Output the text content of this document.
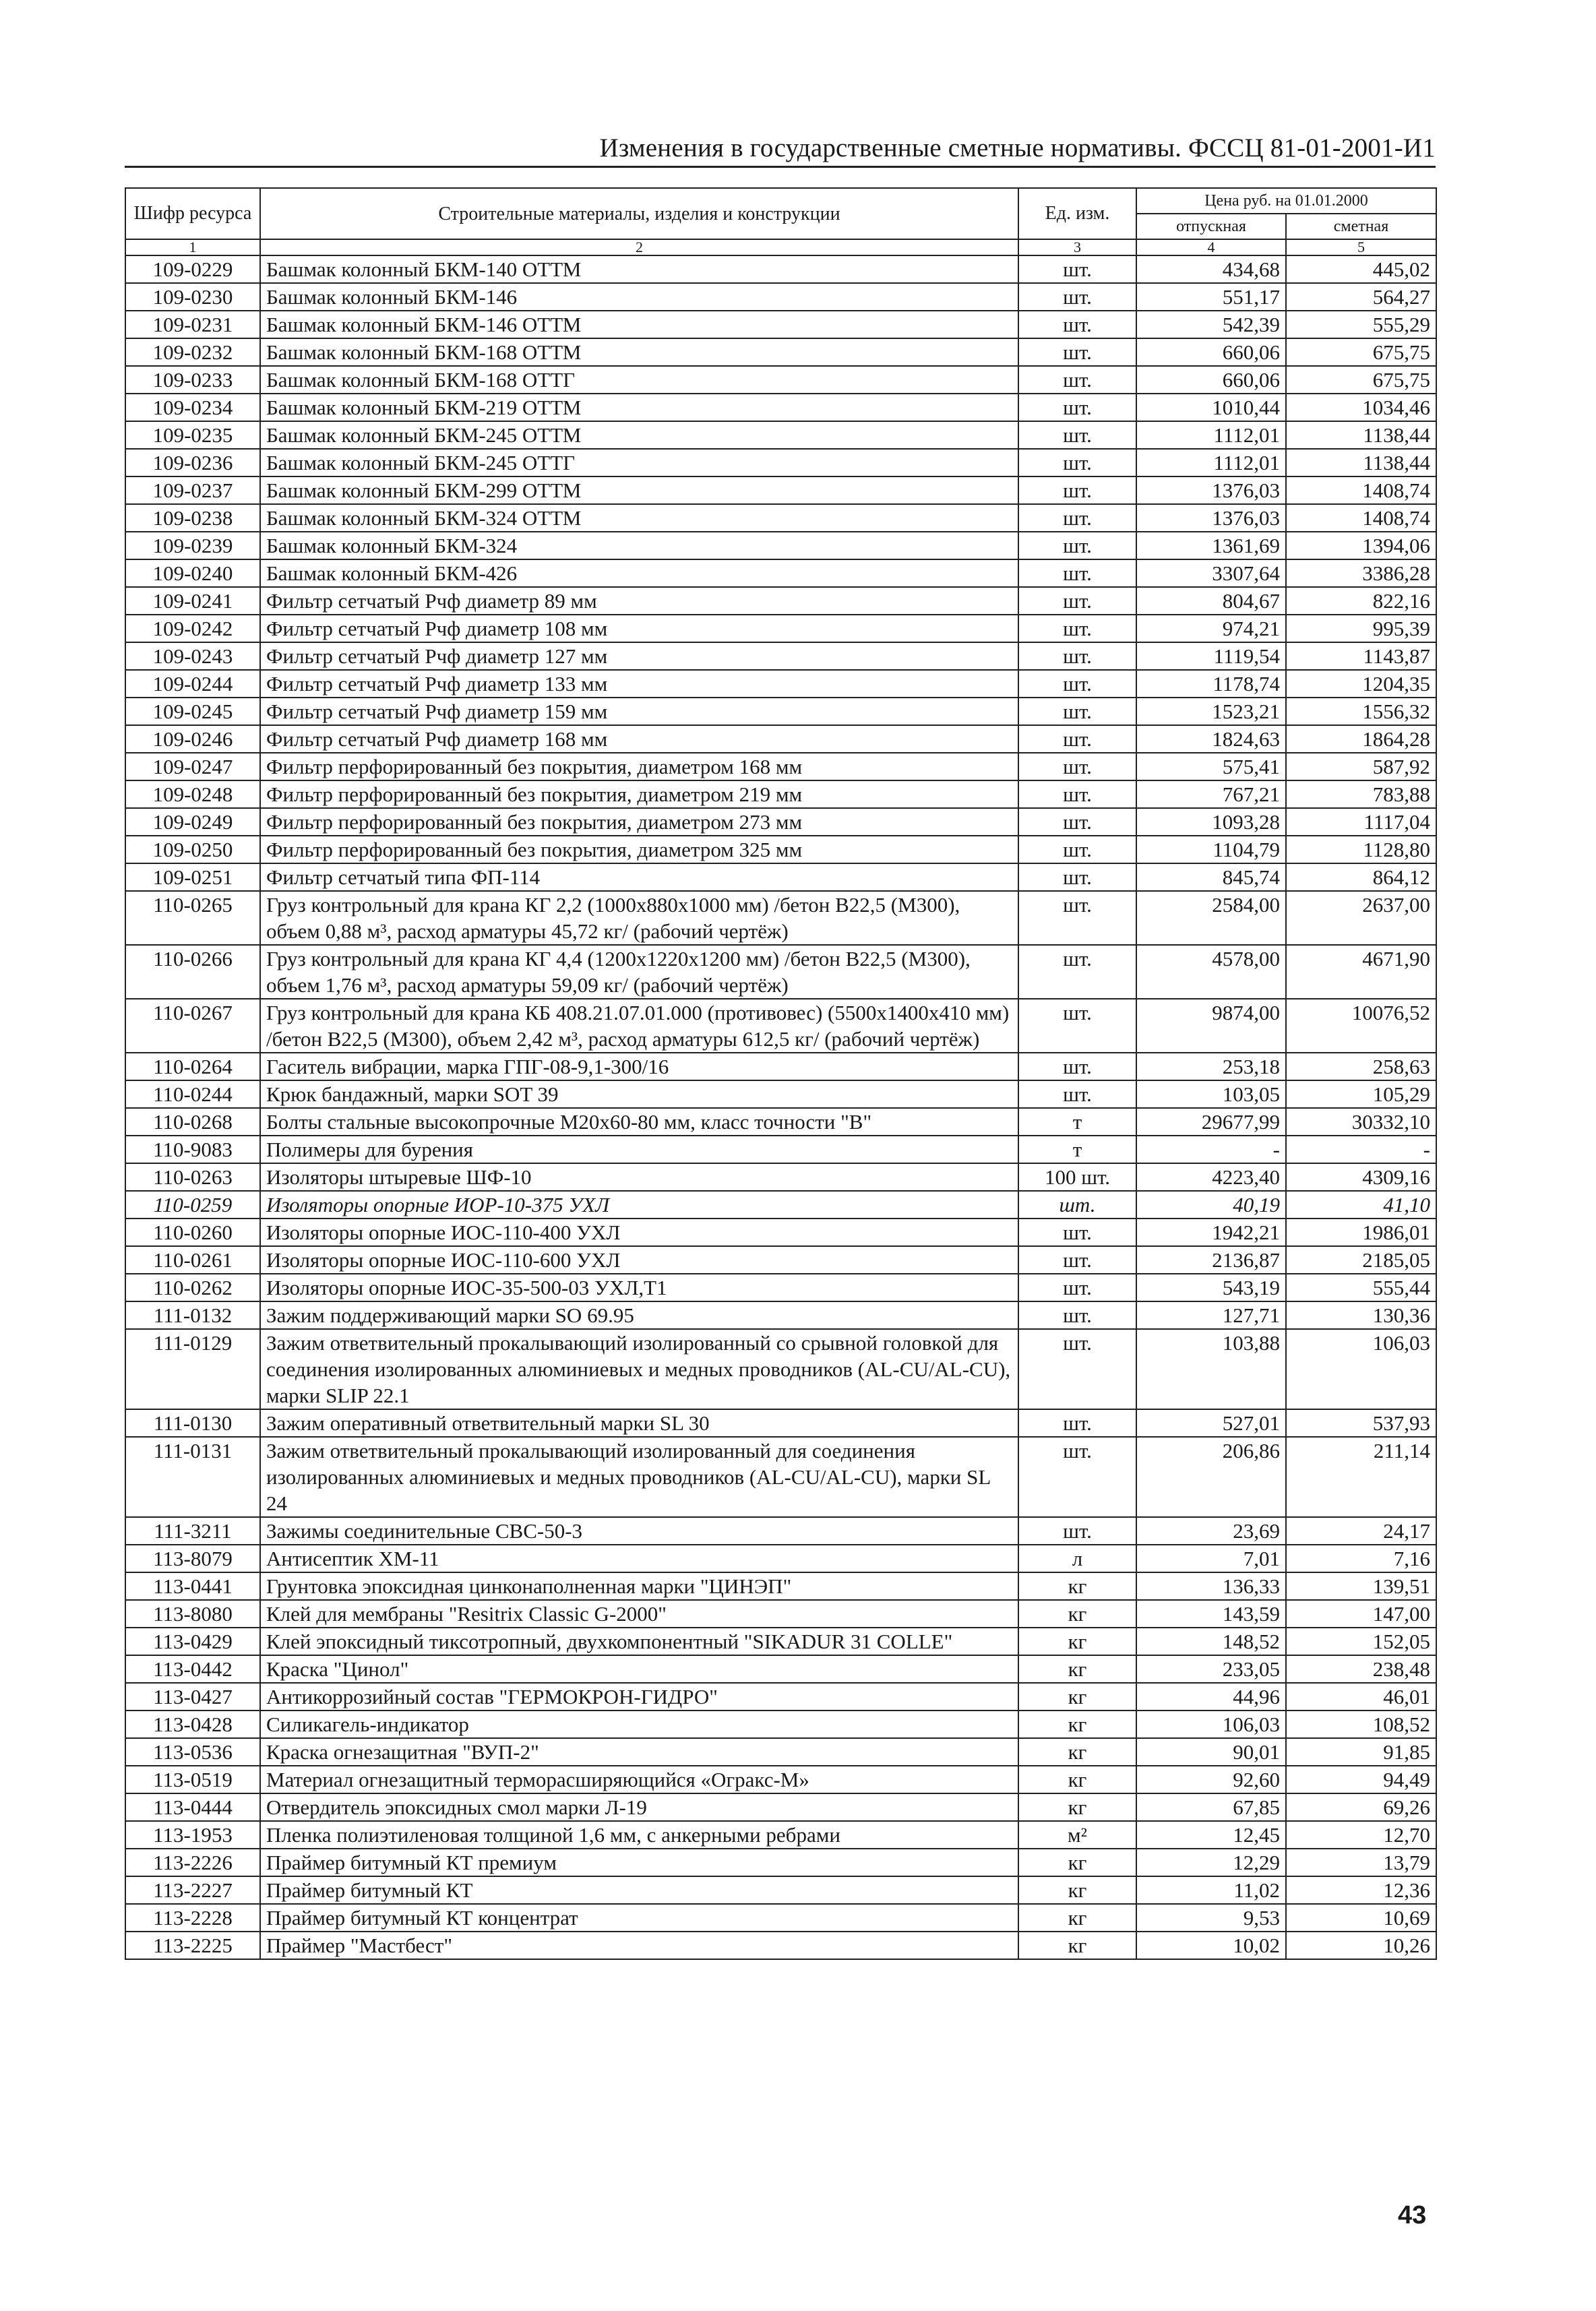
Изменения в государственные сметные нормативы. ФССЦ 81-01-2001-И1
Шифр ресурса	Строительные материалы, изделия и конструкции	Ед. изм.	Цена руб. на 01.01.2000	
			отпускная	сметная
1	2	3	4	5
109-0229	Башмак колонный БКМ-140 ОТТМ	шт.	434,68	445,02
109-0230	Башмак колонный БКМ-146	шт.	551,17	564,27
109-0231	Башмак колонный БКМ-146 ОТТМ	шт.	542,39	555,29
109-0232	Башмак колонный БКМ-168 ОТТМ	шт.	660,06	675,75
109-0233	Башмак колонный БКМ-168 ОТТГ	шт.	660,06	675,75
109-0234	Башмак колонный БКМ-219 ОТТМ	шт.	1010,44	1034,46
109-0235	Башмак колонный БКМ-245 ОТТМ	шт.	1112,01	1138,44
109-0236	Башмак колонный БКМ-245 ОТТГ	шт.	1112,01	1138,44
109-0237	Башмак колонный БКМ-299 ОТТМ	шт.	1376,03	1408,74
109-0238	Башмак колонный БКМ-324 ОТТМ	шт.	1376,03	1408,74
109-0239	Башмак колонный БКМ-324	шт.	1361,69	1394,06
109-0240	Башмак колонный БКМ-426	шт.	3307,64	3386,28
109-0241	Фильтр сетчатый Рчф диаметр 89 мм	шт.	804,67	822,16
109-0242	Фильтр сетчатый Рчф диаметр 108 мм	шт.	974,21	995,39
109-0243	Фильтр сетчатый Рчф диаметр 127 мм	шт.	1119,54	1143,87
109-0244	Фильтр сетчатый Рчф диаметр 133 мм	шт.	1178,74	1204,35
109-0245	Фильтр сетчатый Рчф диаметр 159 мм	шт.	1523,21	1556,32
109-0246	Фильтр сетчатый Рчф диаметр 168 мм	шт.	1824,63	1864,28
109-0247	Фильтр перфорированный без покрытия, диаметром 168 мм	шт.	575,41	587,92
109-0248	Фильтр перфорированный без покрытия, диаметром 219 мм	шт.	767,21	783,88
109-0249	Фильтр перфорированный без покрытия, диаметром 273 мм	шт.	1093,28	1117,04
109-0250	Фильтр перфорированный без покрытия, диаметром 325 мм	шт.	1104,79	1128,80
109-0251	Фильтр сетчатый типа ФП-114	шт.	845,74	864,12
110-0265	Груз контрольный для крана КГ 2,2 (1000х880х1000 мм) /бетон В22,5 (М300), объем 0,88 м³, расход арматуры 45,72 кг/ (рабочий чертёж)	шт.	2584,00	2637,00
110-0266	Груз контрольный для крана КГ 4,4 (1200х1220х1200 мм) /бетон В22,5 (М300), объем 1,76 м³, расход арматуры 59,09 кг/ (рабочий чертёж)	шт.	4578,00	4671,90
110-0267	Груз контрольный для крана КБ 408.21.07.01.000 (противовес) (5500х1400х410 мм) /бетон В22,5 (М300), объем 2,42 м³, расход арматуры 612,5 кг/ (рабочий чертёж)	шт.	9874,00	10076,52
110-0264	Гаситель вибрации, марка ГПГ-08-9,1-300/16	шт.	253,18	258,63
110-0244	Крюк бандажный, марки SOT 39	шт.	103,05	105,29
110-0268	Болты стальные высокопрочные М20х60-80 мм, класс точности "В"	т	29677,99	30332,10
110-9083	Полимеры для бурения	т	-	-
110-0263	Изоляторы штыревые ШФ-10	100 шт.	4223,40	4309,16
110-0259	Изоляторы опорные ИОР-10-375 УХЛ	шт.	40,19	41,10
110-0260	Изоляторы опорные ИОС-110-400 УХЛ	шт.	1942,21	1986,01
110-0261	Изоляторы опорные ИОС-110-600 УХЛ	шт.	2136,87	2185,05
110-0262	Изоляторы опорные ИОС-35-500-03 УХЛ,Т1	шт.	543,19	555,44
111-0132	Зажим поддерживающий марки SO 69.95	шт.	127,71	130,36
111-0129	Зажим ответвительный прокалывающий изолированный со срывной головкой для соединения изолированных алюминиевых и медных проводников (AL-CU/AL-CU), марки SLIP 22.1	шт.	103,88	106,03
111-0130	Зажим оперативный ответвительный марки SL 30	шт.	527,01	537,93
111-0131	Зажим ответвительный прокалывающий изолированный для соединения изолированных алюминиевых и медных проводников (AL-CU/AL-CU), марки SL 24	шт.	206,86	211,14
111-3211	Зажимы соединительные СВС-50-3	шт.	23,69	24,17
113-8079	Антисептик ХМ-11	л	7,01	7,16
113-0441	Грунтовка эпоксидная цинконаполненная марки "ЦИНЭП"	кг	136,33	139,51
113-8080	Клей для мембраны "Resitrix Classic G-2000"	кг	143,59	147,00
113-0429	Клей эпоксидный тиксотропный, двухкомпонентный "SIKADUR 31 COLLE"	кг	148,52	152,05
113-0442	Краска "Цинол"	кг	233,05	238,48
113-0427	Антикоррозийный состав "ГЕРМОКРОН-ГИДРО"	кг	44,96	46,01
113-0428	Силикагель-индикатор	кг	106,03	108,52
113-0536	Краска огнезащитная "ВУП-2"	кг	90,01	91,85
113-0519	Материал огнезащитный терморасширяющийся «Огракс-М»	кг	92,60	94,49
113-0444	Отвердитель эпоксидных смол марки Л-19	кг	67,85	69,26
113-1953	Пленка полиэтиленовая толщиной 1,6 мм, с анкерными ребрами	м²	12,45	12,70
113-2226	Праймер битумный КТ премиум	кг	12,29	13,79
113-2227	Праймер битумный КТ	кг	11,02	12,36
113-2228	Праймер битумный КТ концентрат	кг	9,53	10,69
113-2225	Праймер "Мастбест"	кг	10,02	10,26
43
